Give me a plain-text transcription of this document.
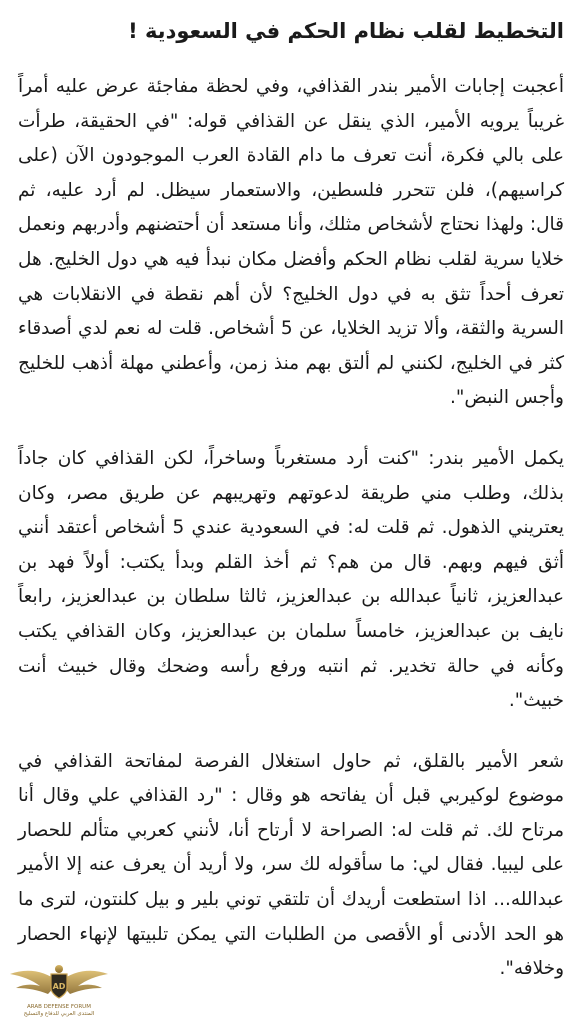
التخطيط لقلب نظام الحكم في السعودية !

أعجبت إجابات الأمير بندر القذافي، وفي لحظة مفاجئة عرض عليه أمراً غريباً يرويه الأمير، الذي ينقل عن القذافي قوله: "في الحقيقة، طرأت على بالي فكرة، أنت تعرف ما دام القادة العرب الموجودون الآن (على كراسيهم)، فلن تتحرر فلسطين، والاستعمار سيظل. لم أرد عليه، ثم قال: ولهذا نحتاج لأشخاص مثلك، وأنا مستعد أن أحتضنهم وأدربهم ونعمل خلايا سرية لقلب نظام الحكم وأفضل مكان نبدأ فيه هي دول الخليج. هل تعرف أحداً تثق به في دول الخليج؟ لأن أهم نقطة في الانقلابات هي السرية والثقة، وألا تزيد الخلايا، عن 5 أشخاص. قلت له نعم لدي أصدقاء كثر في الخليج، لكنني لم ألتق بهم منذ زمن، وأعطني مهلة أذهب للخليج وأجس النبض".

يكمل الأمير بندر: "كنت أرد مستغرباً وساخراً، لكن القذافي كان جاداً بذلك، وطلب مني طريقة لدعوتهم وتهريبهم عن طريق مصر، وكان يعتريني الذهول. ثم قلت له: في السعودية عندي 5 أشخاص أعتقد أنني أثق فيهم وبهم. قال من هم؟ ثم أخذ القلم وبدأ يكتب: أولاً فهد بن عبدالعزيز، ثانياً عبدالله بن عبدالعزيز، ثالثا سلطان بن عبدالعزيز، رابعاً نايف بن عبدالعزيز، خامساً سلمان بن عبدالعزيز، وكان القذافي يكتب وكأنه في حالة تخدير. ثم انتبه ورفع رأسه وضحك وقال خبيث أنت خبيث".

شعر الأمير بالقلق، ثم حاول استغلال الفرصة لمفاتحة القذافي في موضوع لوكيربي قبل أن يفاتحه هو وقال : "رد القذافي علي وقال أنا مرتاح لك. ثم قلت له: الصراحة لا أرتاح أنا، لأنني كعربي متألم للحصار على ليبيا. فقال لي: ما سأقوله لك سر، ولا أريد أن يعرف عنه إلا الأمير عبدالله... اذا استطعت أريدك أن تلتقي توني بلير و بيل كلنتون، لترى ما هو الحد الأدنى أو الأقصى من الطلبات التي يمكن تلبيتها لإنهاء الحصار وخلافه".

AD
ARAB DEFENSE FORUM
المنتدى العربي للدفاع والتسليح
